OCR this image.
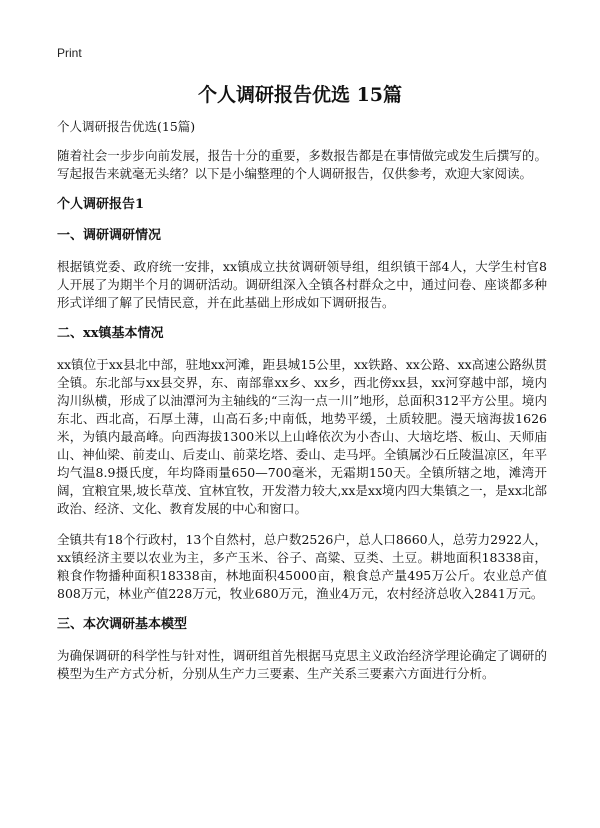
Print
个人调研报告优选 15篇

个人调研报告优选(15篇)

随着社会一步步向前发展，报告十分的重要，多数报告都是在事情做完或发生后撰写的。写起报告来就毫无头绪？以下是小编整理的个人调研报告，仅供参考，欢迎大家阅读。

个人调研报告1

一、调研调研情况

根据镇党委、政府统一安排，xx镇成立扶贫调研领导组，组织镇干部4人，大学生村官8人开展了为期半个月的调研活动。调研组深入全镇各村群众之中，通过问卷、座谈都多种形式详细了解了民情民意，并在此基础上形成如下调研报告。

二、xx镇基本情况

xx镇位于xx县北中部，驻地xx河滩，距县城15公里，xx铁路、xx公路、xx高速公路纵贯全镇。东北部与xx县交界，东、南部靠xx乡、xx乡，西北傍xx县，xx河穿越中部，境内沟川纵横，形成了以油潭河为主轴线的“三沟一点一川”地形，总面积312平方公里。境内东北、西北高，石厚土薄，山高石多;中南低，地势平缓，土质较肥。漫天垴海拔1626米，为镇内最高峰。向西海拔1300米以上山峰依次为小杏山、大垴圪塔、板山、天师庙山、神仙梁、前麦山、后麦山、前菜圪塔、委山、走马坪。全镇属沙石丘陵温凉区，年平均气温8.9摄氏度，年均降雨量650—700毫米，无霜期150天。全镇所辖之地，滩湾开阔，宜粮宜果,坡长草茂、宜林宜牧，开发潜力较大,xx是xx境内四大集镇之一，是xx北部政治、经济、文化、教育发展的中心和窗口。

全镇共有18个行政村，13个自然村，总户数2526户，总人口8660人，总劳力2922人，xx镇经济主要以农业为主，多产玉米、谷子、高粱、豆类、土豆。耕地面积18338亩，粮食作物播种面积18338亩，林地面积45000亩，粮食总产量495万公斤。农业总产值808万元，林业产值228万元，牧业680万元，渔业4万元，农村经济总收入2841万元。

三、本次调研基本模型

为确保调研的科学性与针对性，调研组首先根据马克思主义政治经济学理论确定了调研的模型为生产方式分析，分别从生产力三要素、生产关系三要素六方面进行分析。
